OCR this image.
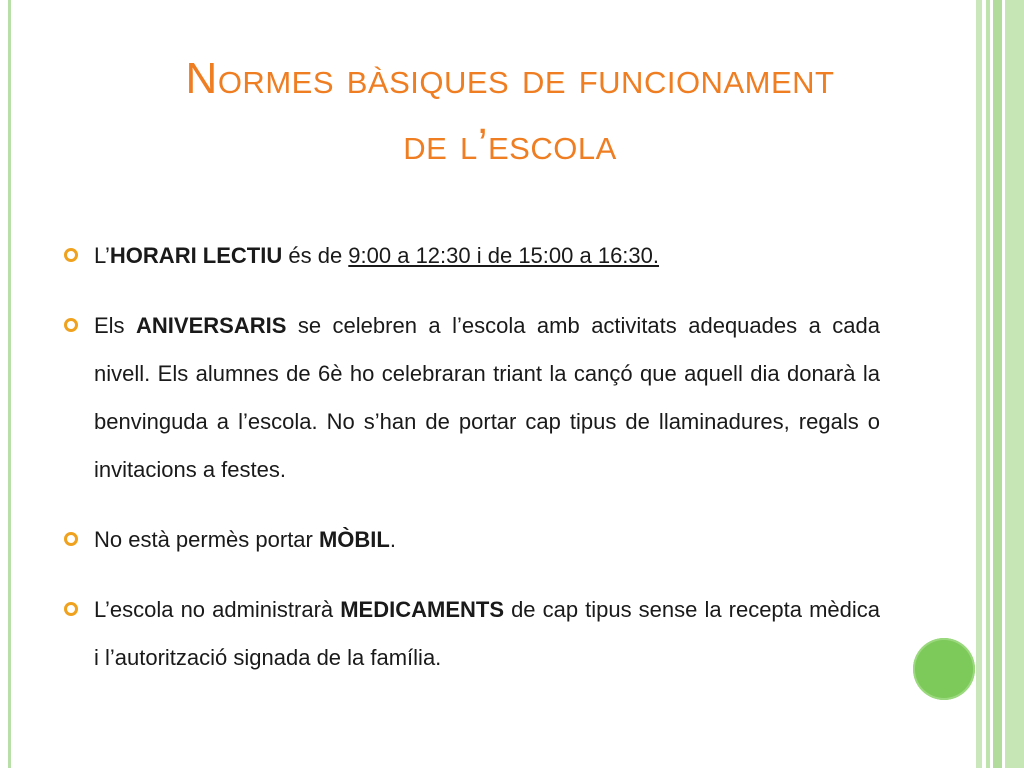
Normes bàsiques de funcionament
de l’escola
L’HORARI LECTIU és de 9:00 a 12:30 i de 15:00 a 16:30.
Els ANIVERSARIS se celebren a l’escola amb activitats adequades a cada nivell. Els alumnes de 6è ho celebraran triant la cançó que aquell dia donarà la benvinguda a l’escola. No s’han de portar cap tipus de llaminadures, regals o invitacions a festes.
No està permès portar MÒBIL.
L’escola no administrarà MEDICAMENTS de cap tipus sense la recepta mèdica i l’autorització signada de la família.
